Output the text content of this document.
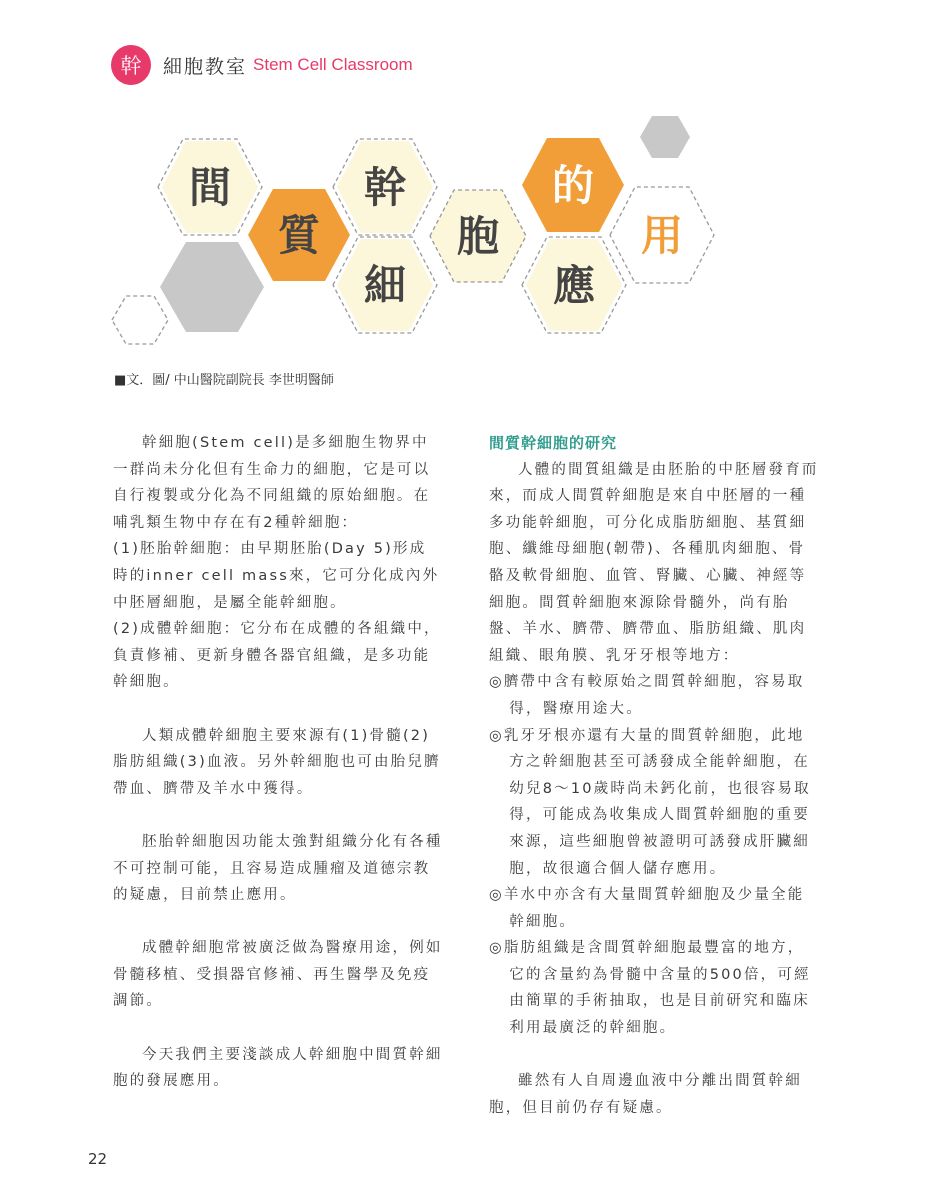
幹	細胞教室 Stem Cell Classroom
間
質
幹
細
胞
的
應
用
■文．圖/ 中山醫院副院長 李世明醫師

幹細胞(Stem cell)是多細胞生物界中一群尚未分化但有生命力的細胞，它是可以自行複製或分化為不同組織的原始細胞。在哺乳類生物中存在有2種幹細胞：

(1)胚胎幹細胞：由早期胚胎(Day 5)形成時的inner cell mass來，它可分化成內外中胚層細胞，是屬全能幹細胞。

(2)成體幹細胞：它分布在成體的各組織中，負責修補、更新身體各器官組織，是多功能幹細胞。

人類成體幹細胞主要來源有(1)骨髓(2)脂肪組織(3)血液。另外幹細胞也可由胎兒臍帶血、臍帶及羊水中獲得。

胚胎幹細胞因功能太強對組織分化有各種不可控制可能，且容易造成腫瘤及道德宗教的疑慮，目前禁止應用。

成體幹細胞常被廣泛做為醫療用途，例如骨髓移植、受損器官修補、再生醫學及免疫調節。

今天我們主要淺談成人幹細胞中間質幹細胞的發展應用。

間質幹細胞的研究

人體的間質組織是由胚胎的中胚層發育而來，而成人間質幹細胞是來自中胚層的一種多功能幹細胞，可分化成脂肪細胞、基質細胞、纖維母細胞(韌帶)、各種肌肉細胞、骨骼及軟骨細胞、血管、腎臟、心臟、神經等細胞。間質幹細胞來源除骨髓外，尚有胎盤、羊水、臍帶、臍帶血、脂肪組織、肌肉組織、眼角膜、乳牙牙根等地方：

◎臍帶中含有較原始之間質幹細胞，容易取得，醫療用途大。

◎乳牙牙根亦還有大量的間質幹細胞，此地方之幹細胞甚至可誘發成全能幹細胞，在幼兒8～10歲時尚未鈣化前，也很容易取得，可能成為收集成人間質幹細胞的重要來源，這些細胞曾被證明可誘發成肝臟細胞，故很適合個人儲存應用。

◎羊水中亦含有大量間質幹細胞及少量全能幹細胞。

◎脂肪組織是含間質幹細胞最豐富的地方，它的含量約為骨髓中含量的500倍，可經由簡單的手術抽取，也是目前研究和臨床利用最廣泛的幹細胞。

雖然有人自周邊血液中分離出間質幹細胞，但目前仍存有疑慮。

22
